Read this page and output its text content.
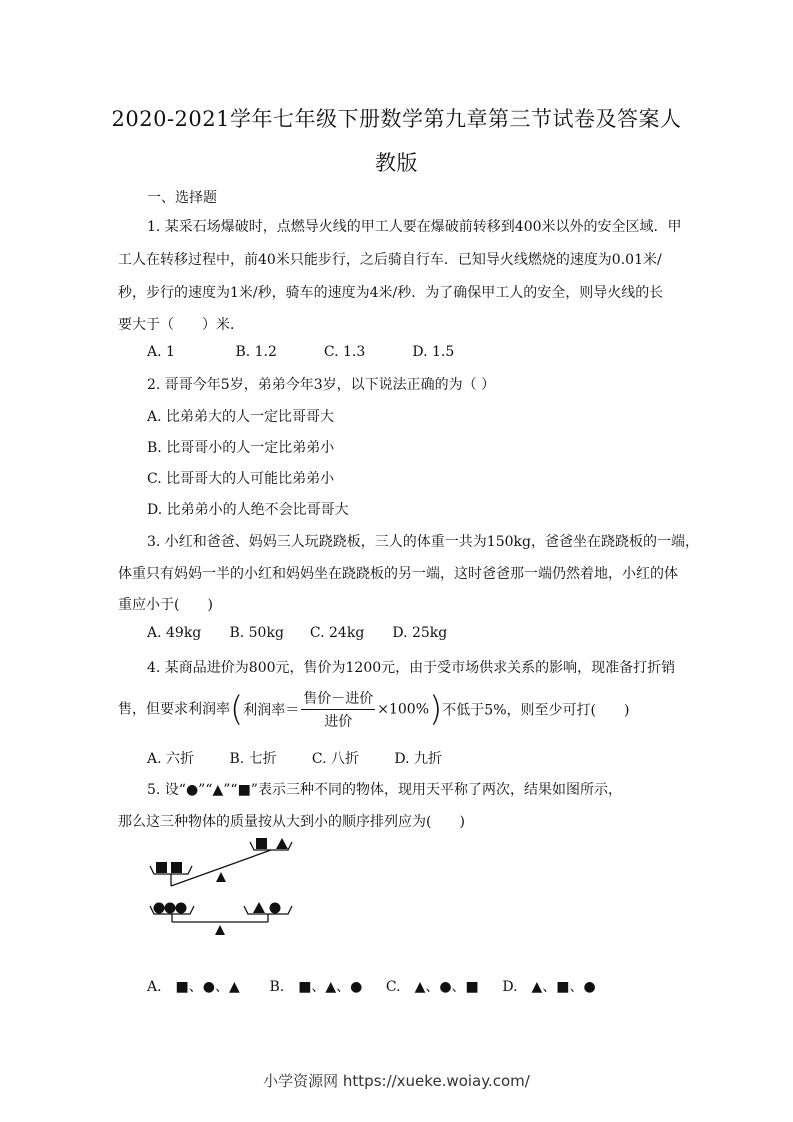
2020-2021学年七年级下册数学第九章第三节试卷及答案人
教版
一、选择题
1. 某采石场爆破时，点燃导火线的甲工人要在爆破前转移到400米以外的安全区域．甲
工人在转移过程中，前40米只能步行，之后骑自行车．已知导火线燃烧的速度为0.01米/
秒，步行的速度为1米/秒，骑车的速度为4米/秒．为了确保甲工人的安全，则导火线的长
要大于（　　）米．
A. 1	B. 1.2	C. 1.3	D. 1.5
2. 哥哥今年5岁，弟弟今年3岁，以下说法正确的为（ ）
A. 比弟弟大的人一定比哥哥大
B. 比哥哥小的人一定比弟弟小
C. 比哥哥大的人可能比弟弟小
D. 比弟弟小的人绝不会比哥哥大
3. 小红和爸爸、妈妈三人玩跷跷板，三人的体重一共为150kg，爸爸坐在跷跷板的一端，
体重只有妈妈一半的小红和妈妈坐在跷跷板的另一端，这时爸爸那一端仍然着地，小红的体
重应小于(　　)
A. 49kg B. 50kg C. 24kg D. 25kg
4. 某商品进价为800元，售价为1200元，由于受市场供求关系的影响，现准备打折销
售，但要求利润率(利润率＝ $\frac{\text{售价－进价}}{\text{进价}} \times 100\%$)不低于5%，则至少可打(　　)
A. 六折	B. 七折	C. 八折	D. 九折
5. 设“●”“▲”“■”表示三种不同的物体，现用天平称了两次，结果如图所示，
那么这三种物体的质量按从大到小的顺序排列应为(　　)
A.　■、●、▲ B.　■、▲、● C.　▲、●、■ D.　▲、■、●
小学资源网 https://xueke.woiay.com/
